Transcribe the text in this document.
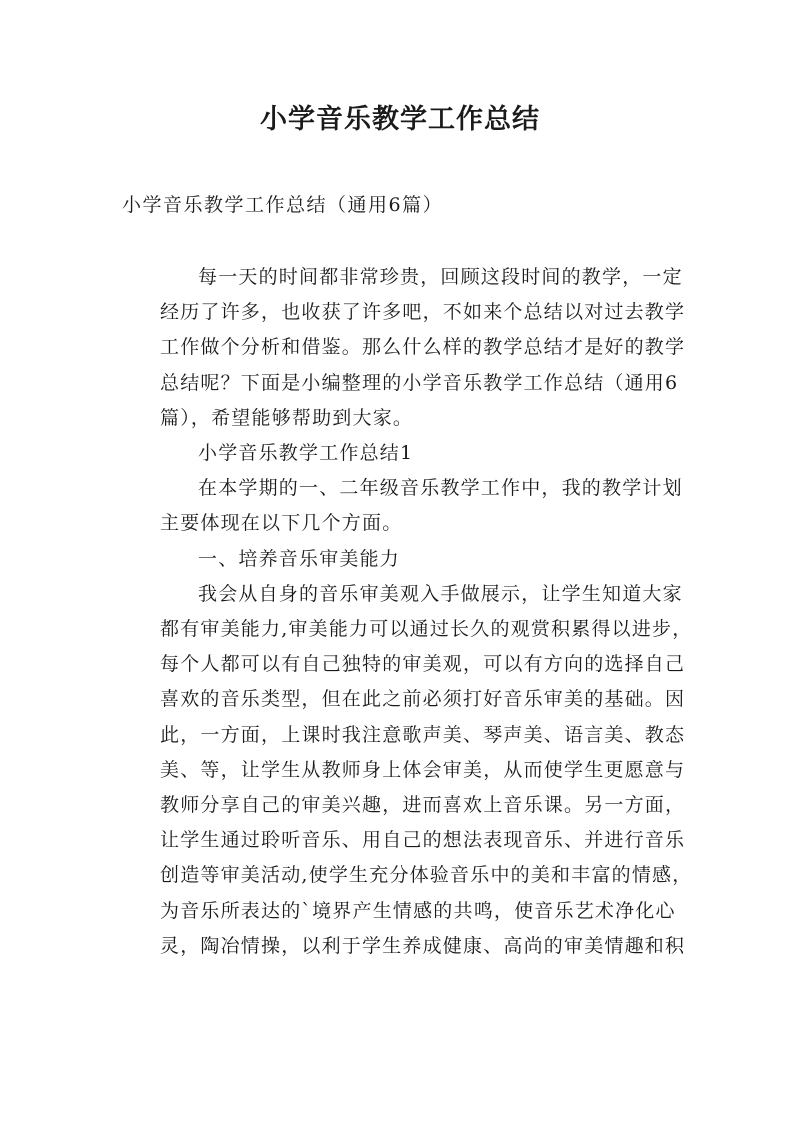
小学音乐教学工作总结
小学音乐教学工作总结（通用6篇）
每一天的时间都非常珍贵，回顾这段时间的教学，一定
经历了许多，也收获了许多吧，不如来个总结以对过去教学
工作做个分析和借鉴。那么什么样的教学总结才是好的教学
总结呢？下面是小编整理的小学音乐教学工作总结（通用6
篇），希望能够帮助到大家。
小学音乐教学工作总结1
在本学期的一、二年级音乐教学工作中，我的教学计划
主要体现在以下几个方面。
一、培养音乐审美能力
我会从自身的音乐审美观入手做展示，让学生知道大家
都有审美能力,审美能力可以通过长久的观赏积累得以进步，
每个人都可以有自己独特的审美观，可以有方向的选择自己
喜欢的音乐类型，但在此之前必须打好音乐审美的基础。因
此，一方面，上课时我注意歌声美、琴声美、语言美、教态
美、等，让学生从教师身上体会审美，从而使学生更愿意与
教师分享自己的审美兴趣，进而喜欢上音乐课。另一方面，
让学生通过聆听音乐、用自己的想法表现音乐、并进行音乐
创造等审美活动,使学生充分体验音乐中的美和丰富的情感，
为音乐所表达的`境界产生情感的共鸣，使音乐艺术净化心
灵，陶冶情操，以利于学生养成健康、高尚的审美情趣和积
